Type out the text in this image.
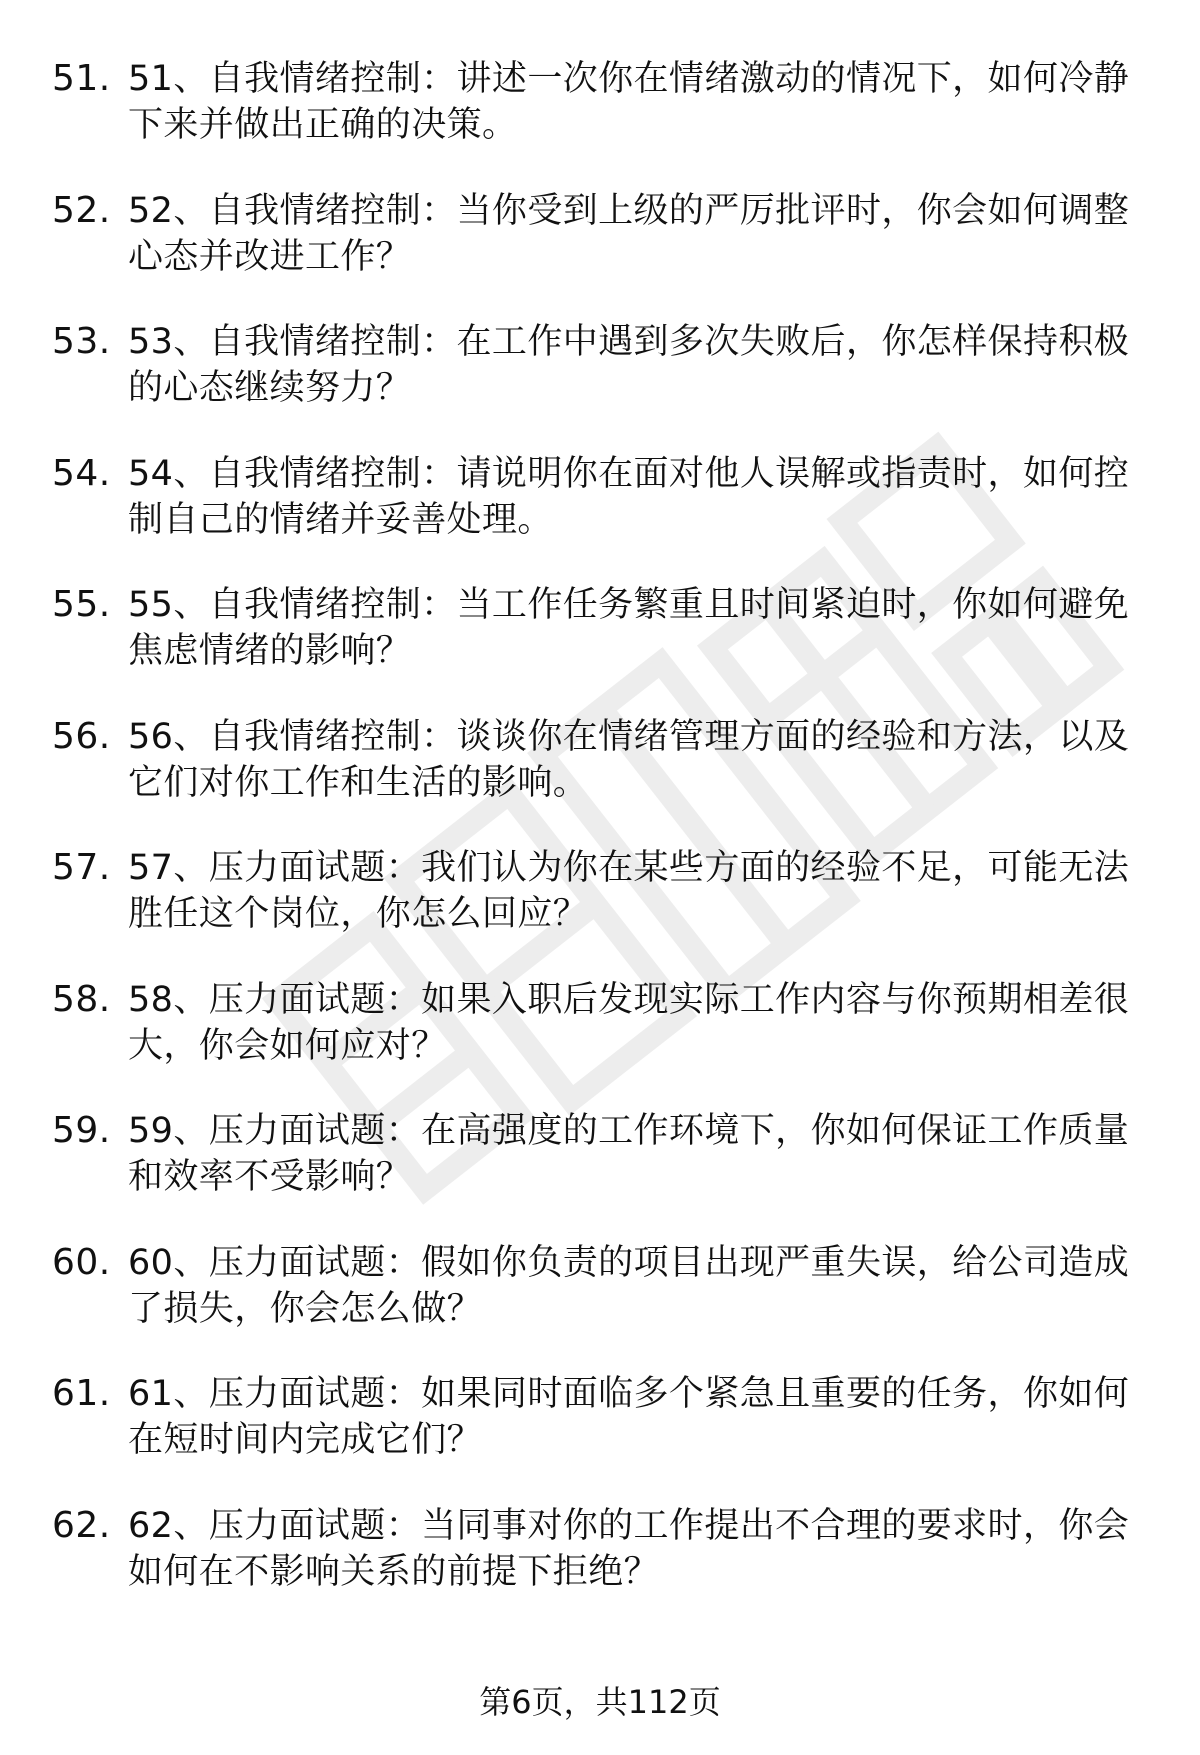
51. 51、自我情绪控制：讲述一次你在情绪激动的情况下，如何冷静下来并做出正确的决策。
52. 52、自我情绪控制：当你受到上级的严厉批评时，你会如何调整心态并改进工作？
53. 53、自我情绪控制：在工作中遇到多次失败后，你怎样保持积极的心态继续努力？
54. 54、自我情绪控制：请说明你在面对他人误解或指责时，如何控制自己的情绪并妥善处理。
55. 55、自我情绪控制：当工作任务繁重且时间紧迫时，你如何避免焦虑情绪的影响？
56. 56、自我情绪控制：谈谈你在情绪管理方面的经验和方法，以及它们对你工作和生活的影响。
57. 57、压力面试题：我们认为你在某些方面的经验不足，可能无法胜任这个岗位，你怎么回应？
58. 58、压力面试题：如果入职后发现实际工作内容与你预期相差很大，你会如何应对？
59. 59、压力面试题：在高强度的工作环境下，你如何保证工作质量和效率不受影响？
60. 60、压力面试题：假如你负责的项目出现严重失误，给公司造成了损失，你会怎么做？
61. 61、压力面试题：如果同时面临多个紧急且重要的任务，你如何在短时间内完成它们？
62. 62、压力面试题：当同事对你的工作提出不合理的要求时，你会如何在不影响关系的前提下拒绝？
第6页，共112页
